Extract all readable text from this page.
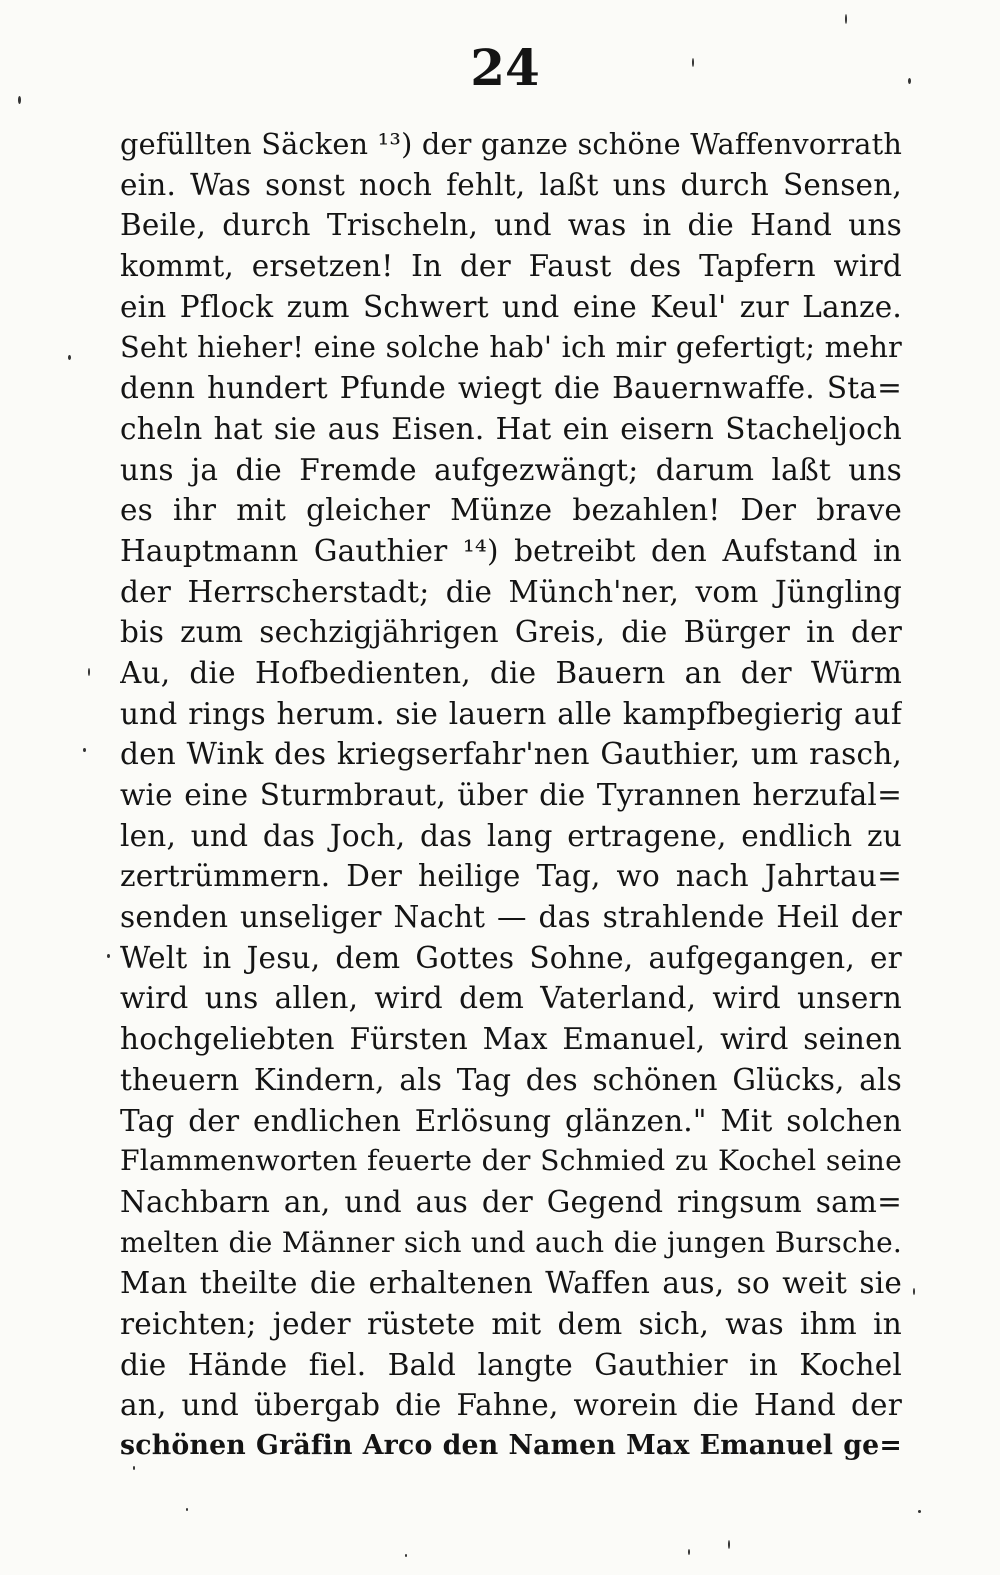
24
gefüllten Säcken ¹³) der ganze schöne Waffenvorrath
ein. Was sonst noch fehlt, laßt uns durch Sensen,
Beile, durch Trischeln, und was in die Hand uns
kommt, ersetzen! In der Faust des Tapfern wird
ein Pflock zum Schwert und eine Keul' zur Lanze.
Seht hieher! eine solche hab' ich mir gefertigt; mehr
denn hundert Pfunde wiegt die Bauernwaffe. Sta=
cheln hat sie aus Eisen. Hat ein eisern Stacheljoch
uns ja die Fremde aufgezwängt; darum laßt uns
es ihr mit gleicher Münze bezahlen! Der brave
Hauptmann Gauthier ¹⁴) betreibt den Aufstand in
der Herrscherstadt; die Münch'ner, vom Jüngling
bis zum sechzigjährigen Greis, die Bürger in der
Au, die Hofbedienten, die Bauern an der Würm
und rings herum. sie lauern alle kampfbegierig auf
den Wink des kriegserfahr'nen Gauthier, um rasch,
wie eine Sturmbraut, über die Tyrannen herzufal=
len, und das Joch, das lang ertragene, endlich zu
zertrümmern. Der heilige Tag, wo nach Jahrtau=
senden unseliger Nacht — das strahlende Heil der
Welt in Jesu, dem Gottes Sohne, aufgegangen, er
wird uns allen, wird dem Vaterland, wird unsern
hochgeliebten Fürsten Max Emanuel, wird seinen
theuern Kindern, als Tag des schönen Glücks, als
Tag der endlichen Erlösung glänzen." Mit solchen
Flammenworten feuerte der Schmied zu Kochel seine
Nachbarn an, und aus der Gegend ringsum sam=
melten die Männer sich und auch die jungen Bursche.
Man theilte die erhaltenen Waffen aus, so weit sie
reichten; jeder rüstete mit dem sich, was ihm in
die Hände fiel. Bald langte Gauthier in Kochel
an, und übergab die Fahne, worein die Hand der
schönen Gräfin Arco den Namen Max Emanuel ge=
